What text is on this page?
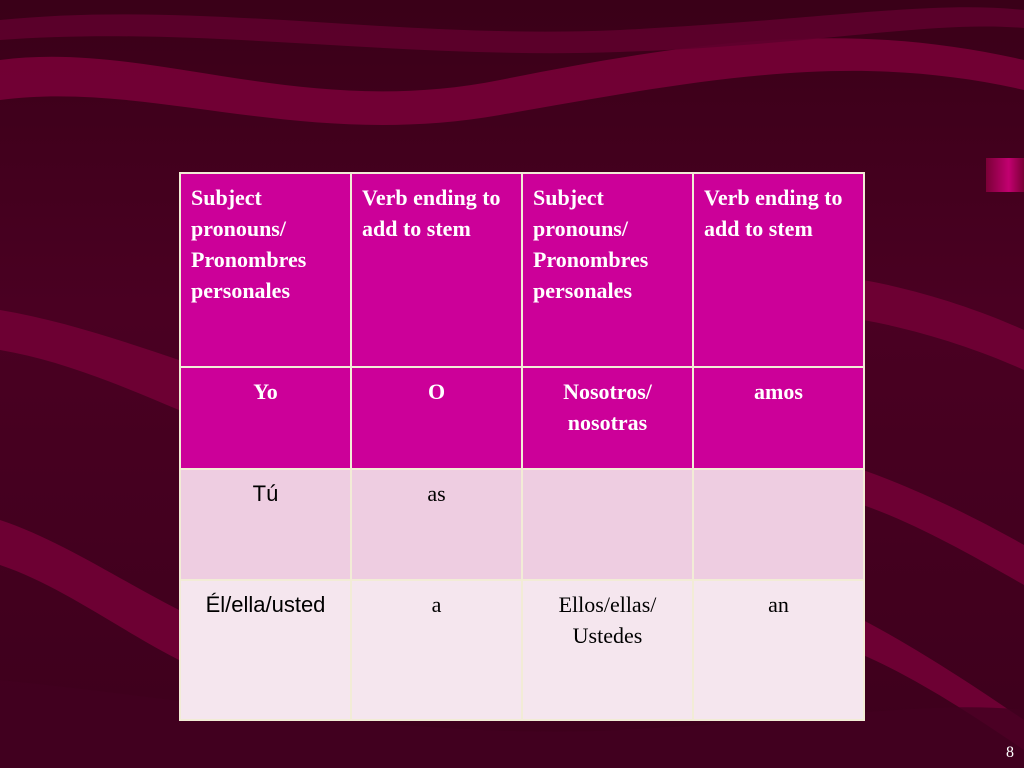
Subject pronouns/ Pronombres personales	Verb ending to add to stem	Subject pronouns/ Pronombres personales	Verb ending to add to stem
Yo	O	Nosotros/ nosotras	amos
Tú	as		
Él/ella/usted	a	Ellos/ellas/ Ustedes	an
8
